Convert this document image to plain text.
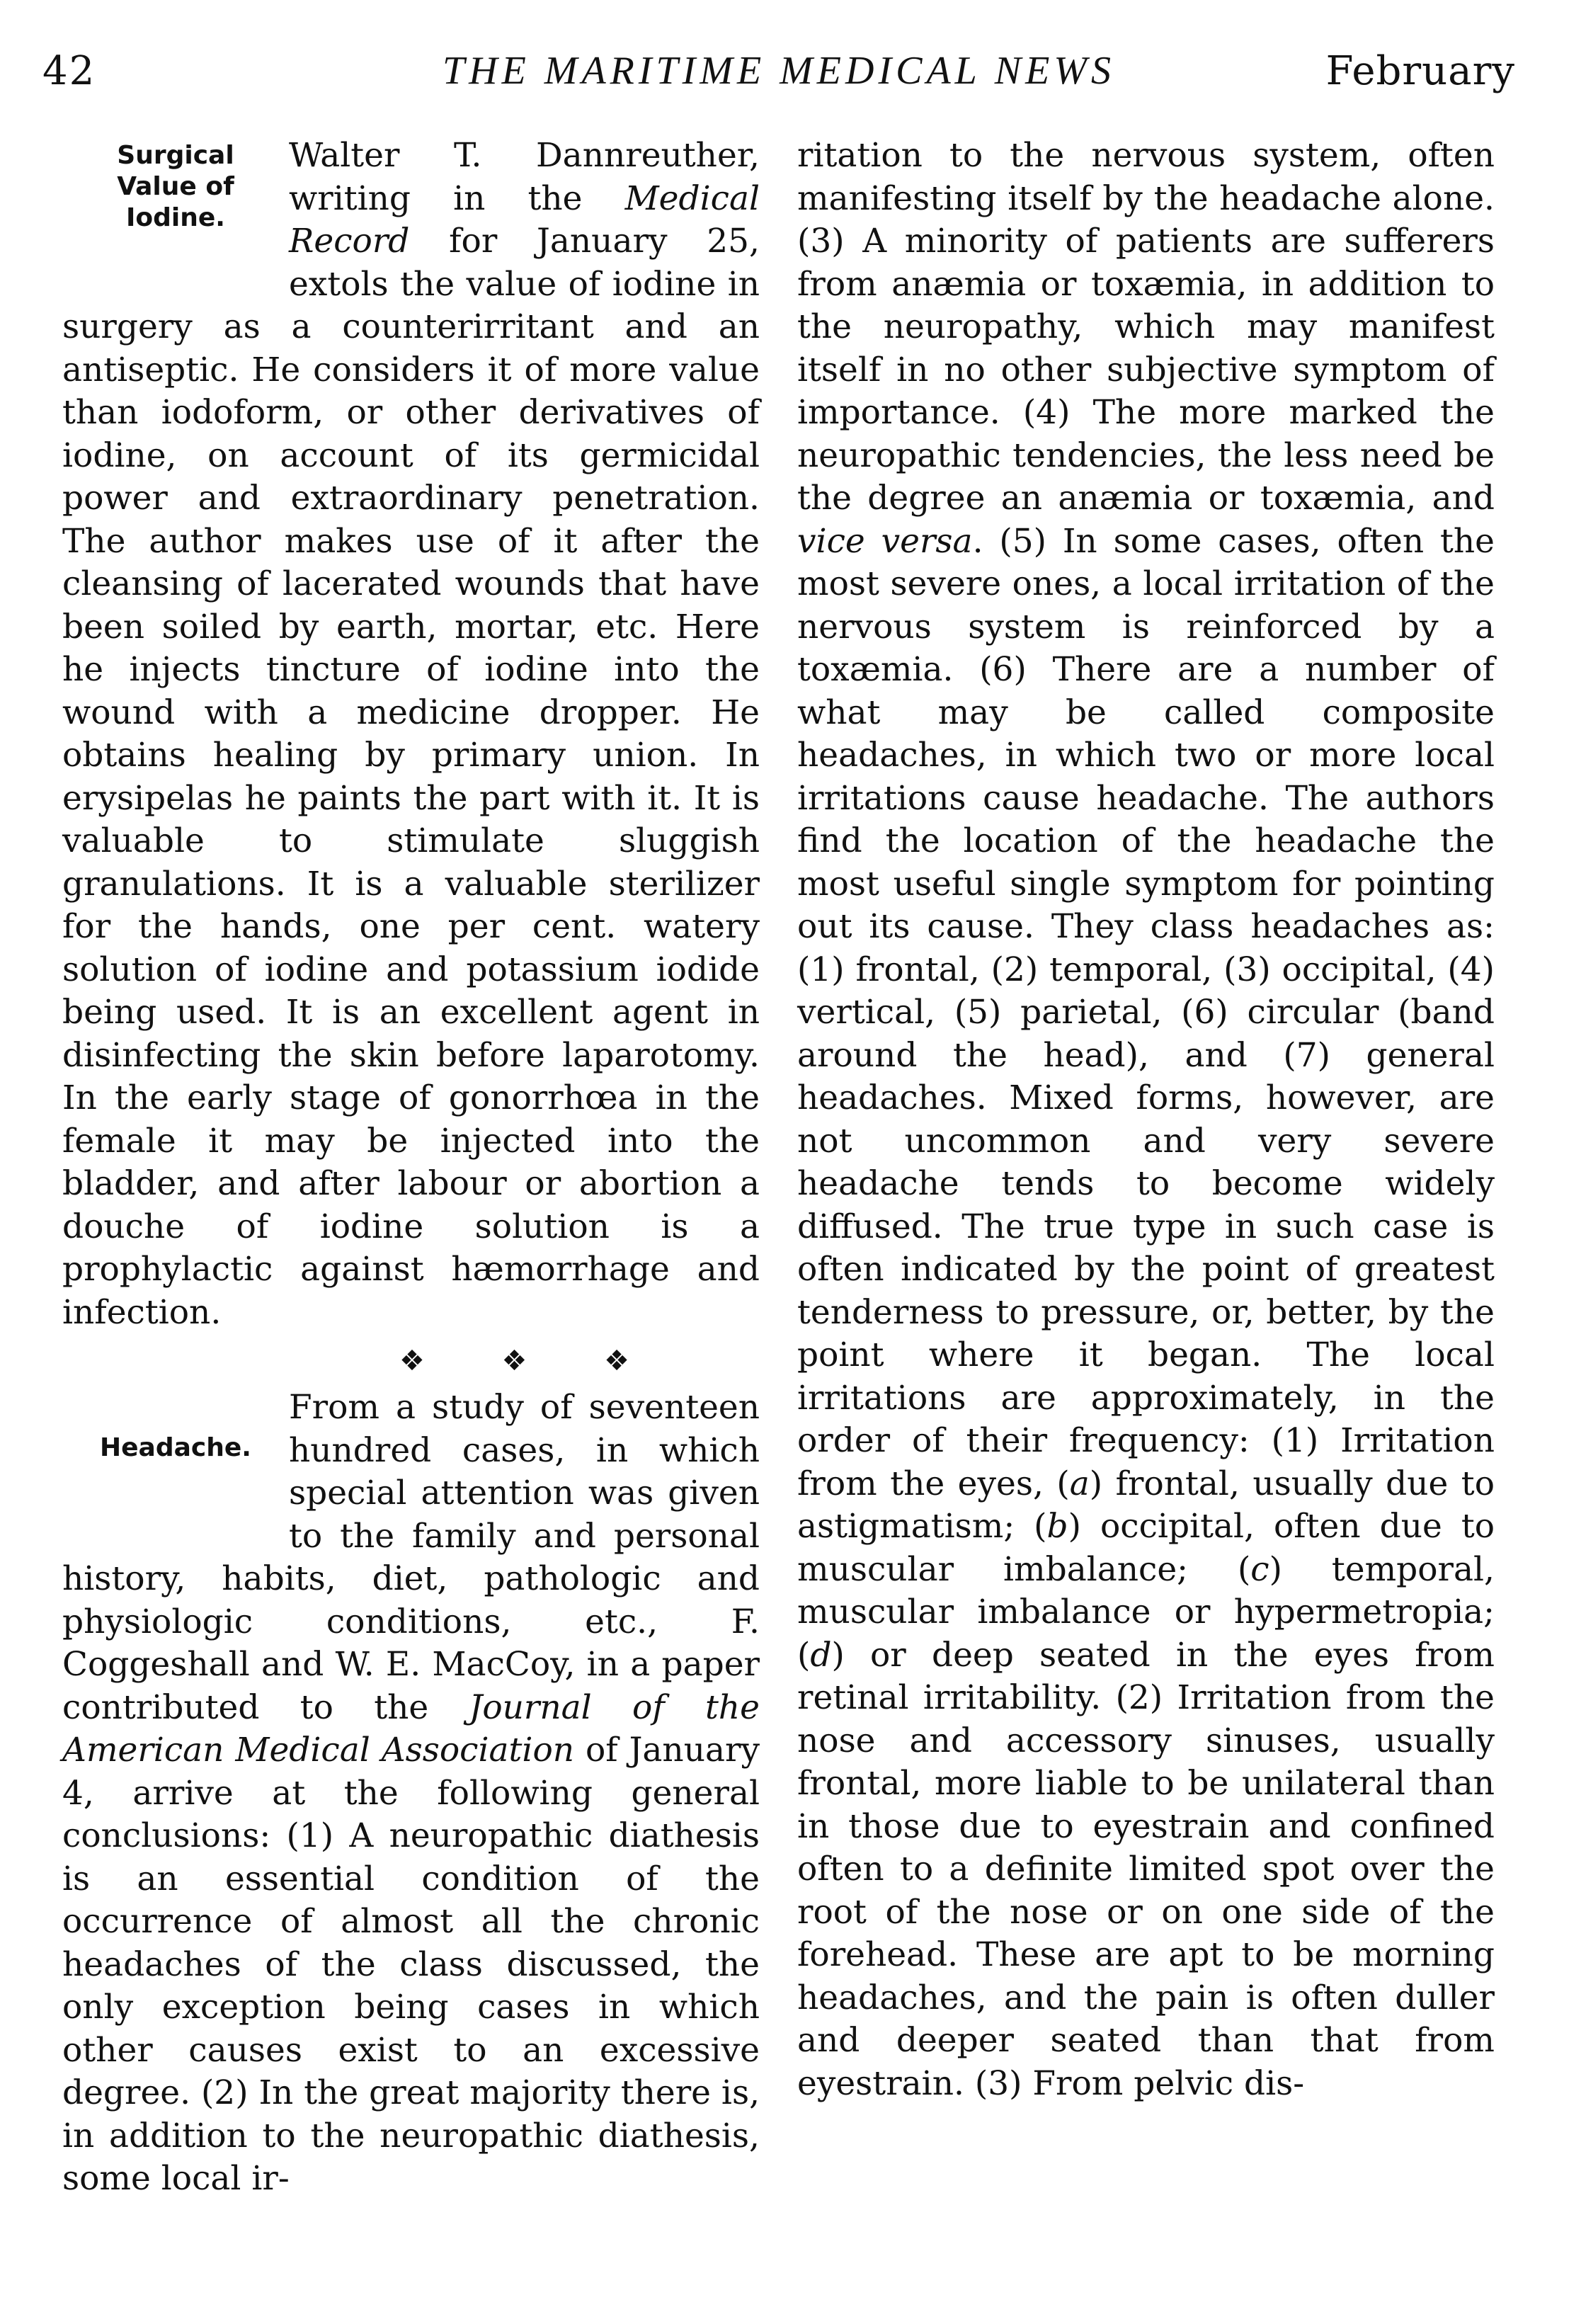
42	THE MARITIME MEDICAL NEWS	February
Surgical
Value of
Iodine.

Walter T. Dannreuther, writing in the Medical Record for January 25, extols the value of iodine in surgery as a counterirritant and an antiseptic. He considers it of more value than iodoform, or other derivatives of iodine, on account of its germicidal power and extraordinary penetration. The author makes use of it after the cleansing of lacerated wounds that have been soiled by earth, mortar, etc. Here he injects tincture of iodine into the wound with a medicine dropper. He obtains healing by primary union. In erysipelas he paints the part with it. It is valuable to stimulate sluggish granulations. It is a valuable sterilizer for the hands, one per cent. watery solution of iodine and potassium iodide being used. It is an excellent agent in disinfecting the skin before laparotomy. In the early stage of gonorrhœa in the female it may be injected into the bladder, and after labour or abortion a douche of iodine solution is a prophylactic against hæmorrhage and infection.

❖ ❖ ❖
Headache.

From a study of seventeen hundred cases, in which special attention was given to the family and personal history, habits, diet, pathologic and physiologic conditions, etc., F. Coggeshall and W. E. MacCoy, in a paper contributed to the Journal of the American Medical Association of January 4, arrive at the following general conclusions: (1) A neuropathic diathesis is an essential condition of the occurrence of almost all the chronic headaches of the class discussed, the only exception being cases in which other causes exist to an excessive degree. (2) In the great majority there is, in addition to the neuropathic diathesis, some local ir-

ritation to the nervous system, often manifesting itself by the headache alone. (3) A minority of patients are sufferers from anæmia or toxæmia, in addition to the neuropathy, which may manifest itself in no other subjective symptom of importance. (4) The more marked the neuropathic tendencies, the less need be the degree an anæmia or toxæmia, and vice versa. (5) In some cases, often the most severe ones, a local irritation of the nervous system is reinforced by a toxæmia. (6) There are a number of what may be called composite headaches, in which two or more local irritations cause headache. The authors find the location of the headache the most useful single symptom for pointing out its cause. They class headaches as: (1) frontal, (2) temporal, (3) occipital, (4) vertical, (5) parietal, (6) circular (band around the head), and (7) general headaches. Mixed forms, however, are not uncommon and very severe headache tends to become widely diffused. The true type in such case is often indicated by the point of greatest tenderness to pressure, or, better, by the point where it began. The local irritations are approximately, in the order of their frequency: (1) Irritation from the eyes, (a) frontal, usually due to astigmatism; (b) occipital, often due to muscular imbalance; (c) temporal, muscular imbalance or hypermetropia; (d) or deep seated in the eyes from retinal irritability. (2) Irritation from the nose and accessory sinuses, usually frontal, more liable to be unilateral than in those due to eyestrain and confined often to a definite limited spot over the root of the nose or on one side of the forehead. These are apt to be morning headaches, and the pain is often duller and deeper seated than that from eyestrain. (3) From pelvic dis-
